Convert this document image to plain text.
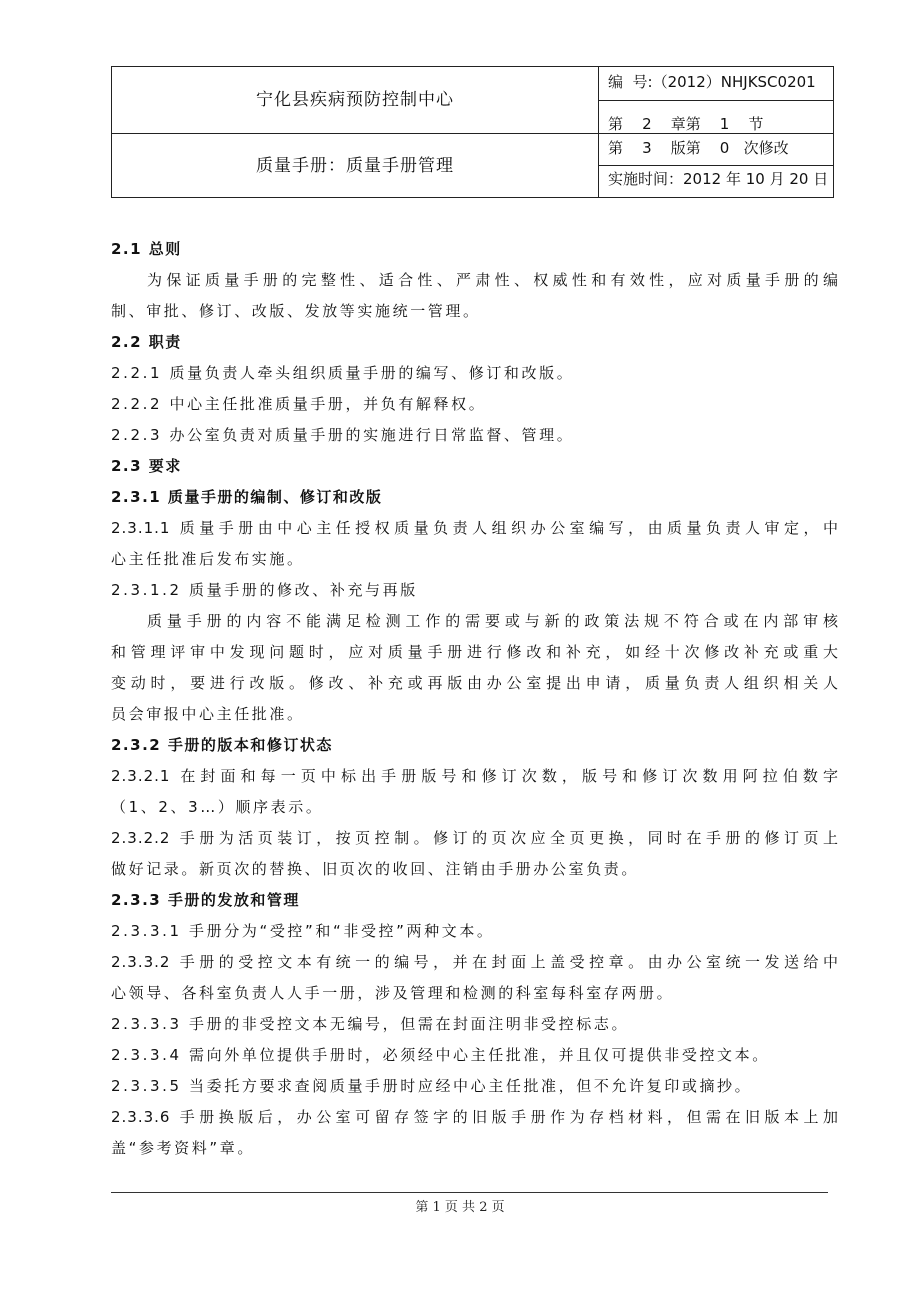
宁化县疾病预防控制中心
质量手册：质量手册管理
编  号:（2012）NHJKSC0201
第    2    章第    1    节
第    3    版第    0   次修改
实施时间：2012 年 10 月 20 日
2.1 总则
为保证质量手册的完整性、适合性、严肃性、权威性和有效性，应对质量手册的编
制、审批、修订、改版、发放等实施统一管理。
2.2 职责
2.2.1 质量负责人牵头组织质量手册的编写、修订和改版。
2.2.2 中心主任批准质量手册，并负有解释权。
2.2.3 办公室负责对质量手册的实施进行日常监督、管理。
2.3 要求
2.3.1 质量手册的编制、修订和改版
2.3.1.1 质量手册由中心主任授权质量负责人组织办公室编写，由质量负责人审定，中
心主任批准后发布实施。
2.3.1.2 质量手册的修改、补充与再版
质量手册的内容不能满足检测工作的需要或与新的政策法规不符合或在内部审核
和管理评审中发现问题时，应对质量手册进行修改和补充，如经十次修改补充或重大
变动时，要进行改版。修改、补充或再版由办公室提出申请，质量负责人组织相关人
员会审报中心主任批准。
2.3.2 手册的版本和修订状态
2.3.2.1 在封面和每一页中标出手册版号和修订次数，版号和修订次数用阿拉伯数字
（1、2、3…）顺序表示。
2.3.2.2 手册为活页装订，按页控制。修订的页次应全页更换，同时在手册的修订页上
做好记录。新页次的替换、旧页次的收回、注销由手册办公室负责。
2.3.3 手册的发放和管理
2.3.3.1 手册分为“受控”和“非受控”两种文本。
2.3.3.2 手册的受控文本有统一的编号，并在封面上盖受控章。由办公室统一发送给中
心领导、各科室负责人人手一册，涉及管理和检测的科室每科室存两册。
2.3.3.3 手册的非受控文本无编号，但需在封面注明非受控标志。
2.3.3.4 需向外单位提供手册时，必须经中心主任批准，并且仅可提供非受控文本。
2.3.3.5 当委托方要求查阅质量手册时应经中心主任批准，但不允许复印或摘抄。
2.3.3.6 手册换版后，办公室可留存签字的旧版手册作为存档材料，但需在旧版本上加
盖“参考资料”章。
第 1 页 共 2 页
